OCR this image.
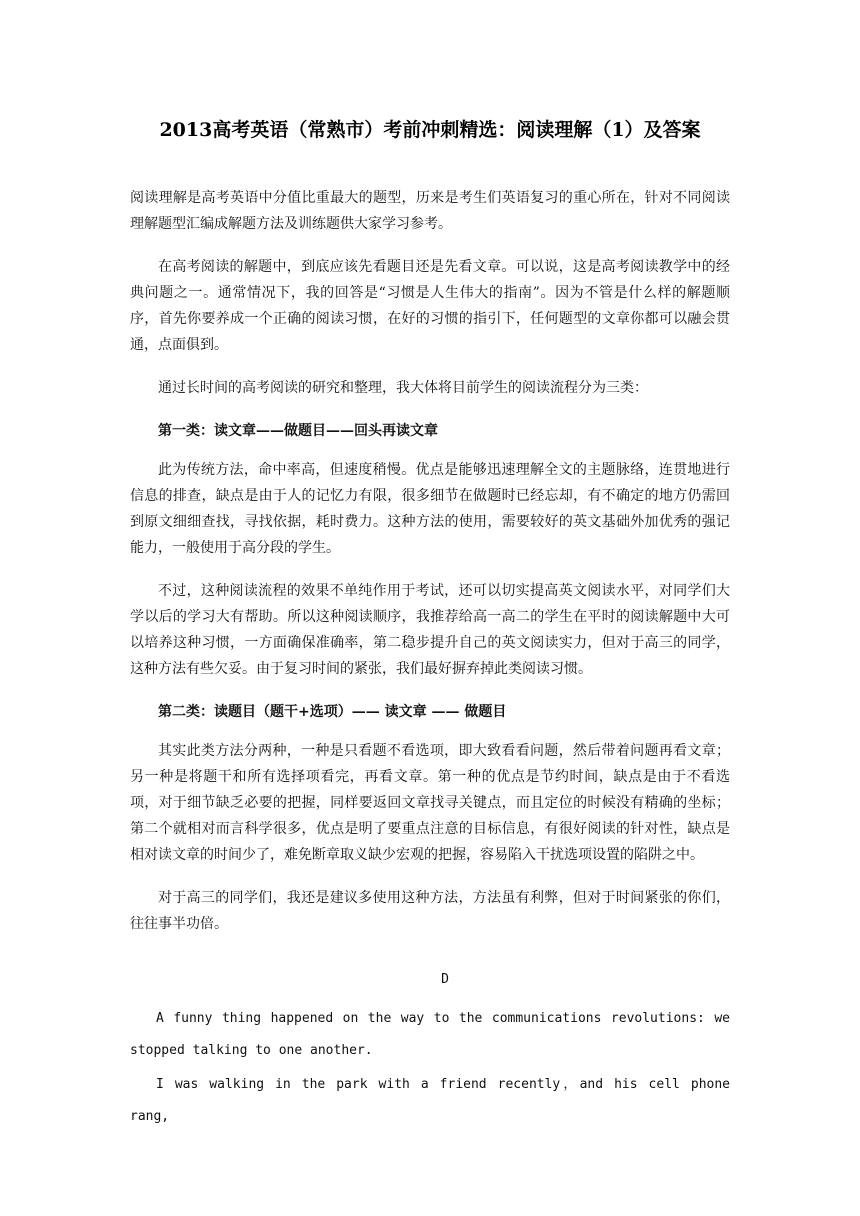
2013高考英语（常熟市）考前冲刺精选：阅读理解（1）及答案

阅读理解是高考英语中分值比重最大的题型，历来是考生们英语复习的重心所在，针对不同阅读理解题型汇编成解题方法及训练题供大家学习参考。

在高考阅读的解题中，到底应该先看题目还是先看文章。可以说，这是高考阅读教学中的经典问题之一。通常情况下，我的回答是“习惯是人生伟大的指南”。因为不管是什么样的解题顺序，首先你要养成一个正确的阅读习惯，在好的习惯的指引下，任何题型的文章你都可以融会贯通，点面俱到。

通过长时间的高考阅读的研究和整理，我大体将目前学生的阅读流程分为三类：

第一类：读文章——做题目——回头再读文章

此为传统方法，命中率高，但速度稍慢。优点是能够迅速理解全文的主题脉络，连贯地进行信息的排查，缺点是由于人的记忆力有限，很多细节在做题时已经忘却，有不确定的地方仍需回到原文细细查找，寻找依据，耗时费力。这种方法的使用，需要较好的英文基础外加优秀的强记能力，一般使用于高分段的学生。

不过，这种阅读流程的效果不单纯作用于考试，还可以切实提高英文阅读水平，对同学们大学以后的学习大有帮助。所以这种阅读顺序，我推荐给高一高二的学生在平时的阅读解题中大可以培养这种习惯，一方面确保准确率，第二稳步提升自己的英文阅读实力，但对于高三的同学，这种方法有些欠妥。由于复习时间的紧张，我们最好摒弃掉此类阅读习惯。

第二类：读题目（题干+选项）—— 读文章 —— 做题目

其实此类方法分两种，一种是只看题不看选项，即大致看看问题，然后带着问题再看文章；另一种是将题干和所有选择项看完，再看文章。第一种的优点是节约时间，缺点是由于不看选项，对于细节缺乏必要的把握，同样要返回文章找寻关键点，而且定位的时候没有精确的坐标；第二个就相对而言科学很多，优点是明了要重点注意的目标信息，有很好阅读的针对性，缺点是相对读文章的时间少了，难免断章取义缺少宏观的把握，容易陷入干扰选项设置的陷阱之中。

对于高三的同学们，我还是建议多使用这种方法，方法虽有利弊，但对于时间紧张的你们，往往事半功倍。

D

A funny thing happened on the way to the communications revolutions: we stopped talking to one another.

I was walking in the park with a friend recently，and his cell phone rang,
